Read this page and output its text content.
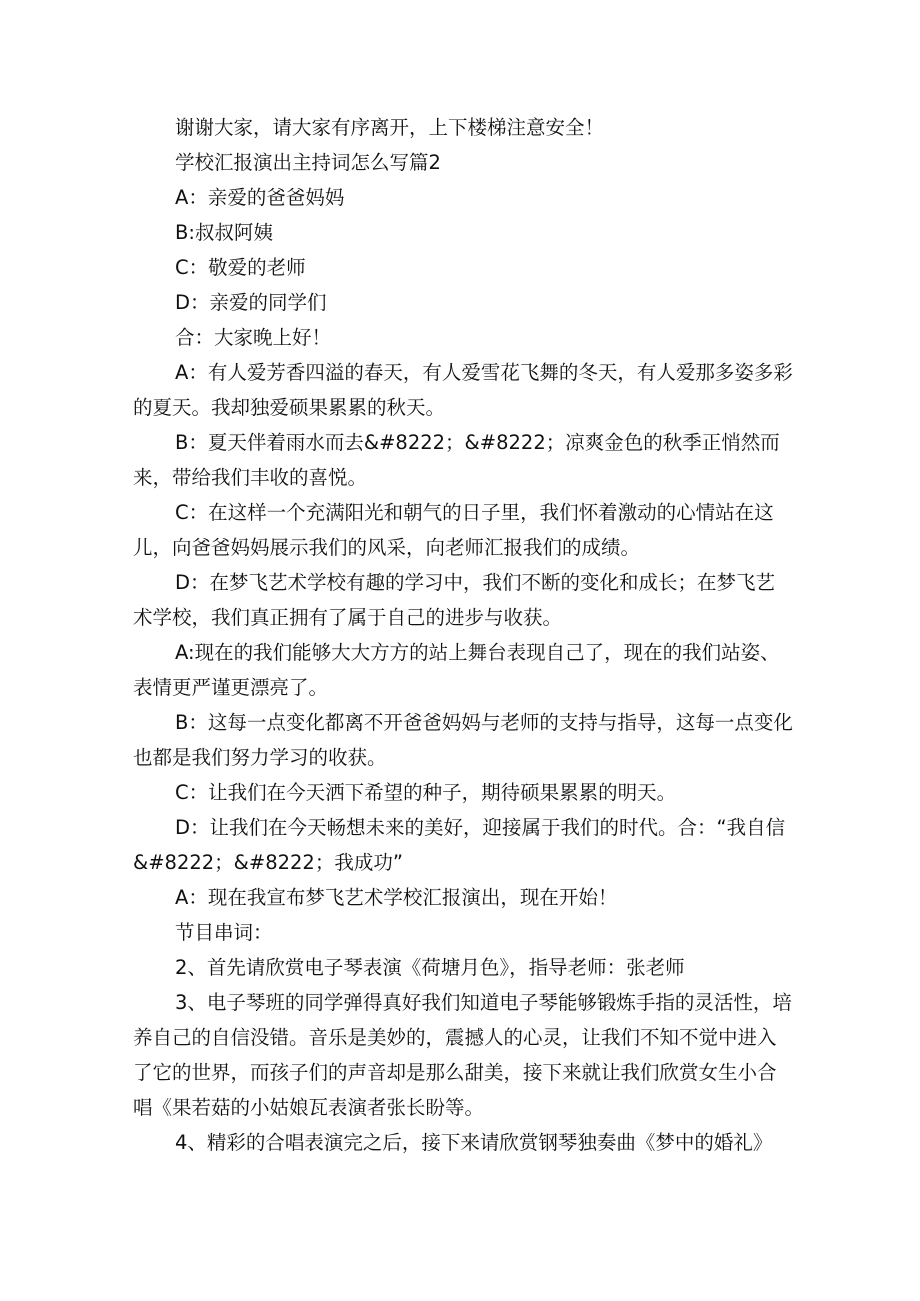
谢谢大家，请大家有序离开，上下楼梯注意安全！

学校汇报演出主持词怎么写篇2

A：亲爱的爸爸妈妈

B:叔叔阿姨

C：敬爱的老师

D：亲爱的同学们

合：大家晚上好！

A：有人爱芳香四溢的春天，有人爱雪花飞舞的冬天，有人爱那多姿多彩的夏天。我却独爱硕果累累的秋天。

B：夏天伴着雨水而去&#8222；&#8222；凉爽金色的秋季正悄然而来，带给我们丰收的喜悦。

C：在这样一个充满阳光和朝气的日子里，我们怀着激动的心情站在这儿，向爸爸妈妈展示我们的风采，向老师汇报我们的成绩。

D：在梦飞艺术学校有趣的学习中，我们不断的变化和成长；在梦飞艺术学校，我们真正拥有了属于自己的进步与收获。

A:现在的我们能够大大方方的站上舞台表现自己了，现在的我们站姿、表情更严谨更漂亮了。

B：这每一点变化都离不开爸爸妈妈与老师的支持与指导，这每一点变化也都是我们努力学习的收获。

C：让我们在今天洒下希望的种子，期待硕果累累的明天。

D：让我们在今天畅想未来的美好，迎接属于我们的时代。合：“我自信&#8222；&#8222；我成功”

A：现在我宣布梦飞艺术学校汇报演出，现在开始！

节目串词：

2、首先请欣赏电子琴表演《荷塘月色》，指导老师：张老师

3、电子琴班的同学弹得真好我们知道电子琴能够锻炼手指的灵活性，培养自己的自信没错。音乐是美妙的，震撼人的心灵，让我们不知不觉中进入了它的世界，而孩子们的声音却是那么甜美，接下来就让我们欣赏女生小合唱《果若菇的小姑娘瓦表演者张长盼等。

4、精彩的合唱表演完之后，接下来请欣赏钢琴独奏曲《梦中的婚礼》
